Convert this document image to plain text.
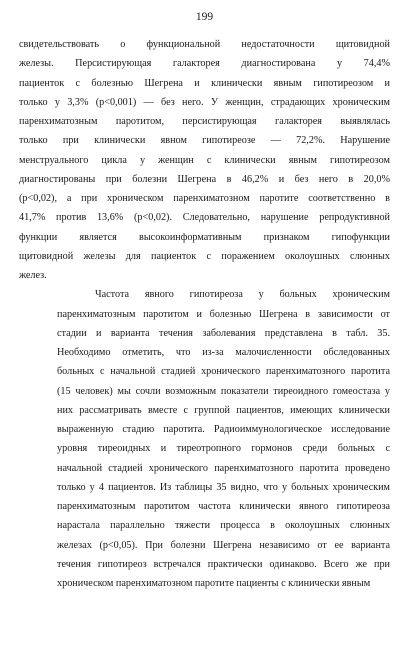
199
свидетельствовать о функциональной недостаточности щитовидной
железы. Персистирующая галакторея диагностирована у 74,4%
пациенток с болезнью Шегрена и клинически явным гипотиреозом и
только у 3,3% (р<0,001) — без него. У женщин, страдающих хроническим
паренхиматозным паротитом, персистирующая галакторея выявлялась
только при клинически явном гипотиреозе — 72,2%. Нарушение
менструального цикла у женщин с клинически явным гипотиреозом
диагностированы при болезни Шегрена в 46,2% и без него в 20,0%
(р<0,02), а при хроническом паренхиматозном паротите соответственно в
41,7% против 13,6% (р<0,02). Следовательно, нарушение репродуктивной
функции является высокоинформативным признаком гипофункции
щитовидной железы для пациенток с поражением околоушных слюнных
желез.
Частота явного гипотиреоза у больных хроническим
паренхиматозным паротитом и болезнью Шегрена в зависимости от
стадии и варианта течения заболевания представлена в табл. 35.
Необходимо отметить, что из-за малочисленности обследованных
больных с начальной стадией хронического паренхиматозного паротита
(15 человек) мы сочли возможным показатели тиреоидного гомеостаза у
них рассматривать вместе с группой пациентов, имеющих клинически
выраженную стадию паротита. Радиоиммунологическое исследование
уровня тиреоидных и тиреотропного гормонов среди больных с
начальной стадией хронического паренхиматозного паротита проведено
только у 4 пациентов. Из таблицы 35 видно, что у больных хроническим
паренхиматозным паротитом частота клинически явного гипотиреоза
нарастала параллельно тяжести процесса в околоушных слюнных
железах (р<0,05). При болезни Шегрена независимо от ее варианта
течения гипотиреоз встречался практически одинаково. Всего же при
хроническом паренхиматозном паротите пациенты с клинически явным
